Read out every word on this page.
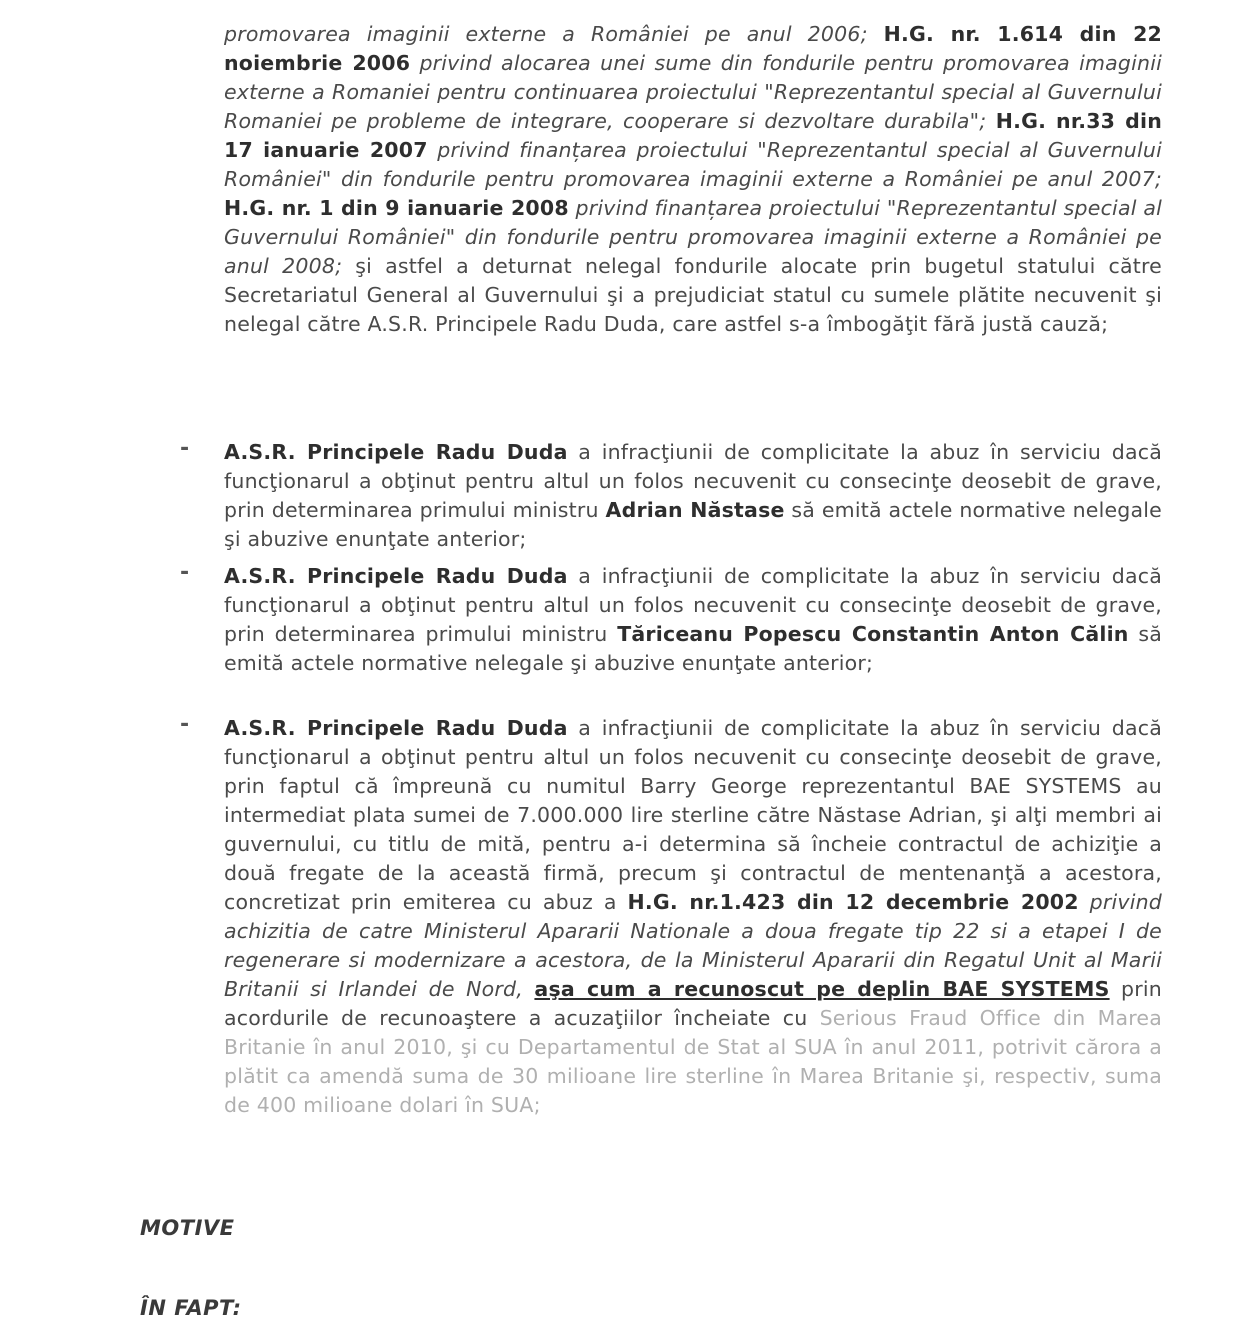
promovarea imaginii externe a României pe anul 2006; H.G. nr. 1.614 din 22 noiembrie 2006 privind alocarea unei sume din fondurile pentru promovarea imaginii externe a Romaniei pentru continuarea proiectului "Reprezentantul special al Guvernului Romaniei pe probleme de integrare, cooperare si dezvoltare durabila"; H.G. nr.33 din 17 ianuarie 2007 privind finanțarea proiectului "Reprezentantul special al Guvernului României" din fondurile pentru promovarea imaginii externe a României pe anul 2007; H.G. nr. 1 din 9 ianuarie 2008 privind finanțarea proiectului "Reprezentantul special al Guvernului României" din fondurile pentru promovarea imaginii externe a României pe anul 2008; şi astfel a deturnat nelegal fondurile alocate prin bugetul statului către Secretariatul General al Guvernului şi a prejudiciat statul cu sumele plătite necuvenit şi nelegal către A.S.R. Principele Radu Duda, care astfel s-a îmbogăţit fără justă cauză;

- A.S.R. Principele Radu Duda a infracţiunii de complicitate la abuz în serviciu dacă funcţionarul a obţinut pentru altul un folos necuvenit cu consecinţe deosebit de grave, prin determinarea primului ministru Adrian Năstase să emită actele normative nelegale şi abuzive enunţate anterior;

- A.S.R. Principele Radu Duda a infracţiunii de complicitate la abuz în serviciu dacă funcţionarul a obţinut pentru altul un folos necuvenit cu consecinţe deosebit de grave, prin determinarea primului ministru Tăriceanu Popescu Constantin Anton Călin să emită actele normative nelegale şi abuzive enunţate anterior;

- A.S.R. Principele Radu Duda a infracţiunii de complicitate la abuz în serviciu dacă funcţionarul a obţinut pentru altul un folos necuvenit cu consecinţe deosebit de grave, prin faptul că împreună cu numitul Barry George reprezentantul BAE SYSTEMS au intermediat plata sumei de 7.000.000 lire sterline către Năstase Adrian, şi alţi membri ai guvernului, cu titlu de mită, pentru a-i determina să încheie contractul de achiziţie a două fregate de la această firmă, precum şi contractul de mentenanţă a acestora, concretizat prin emiterea cu abuz a H.G. nr.1.423 din 12 decembrie 2002 privind achizitia de catre Ministerul Apararii Nationale a doua fregate tip 22 si a etapei I de regenerare si modernizare a acestora, de la Ministerul Apararii din Regatul Unit al Marii Britanii si Irlandei de Nord, aşa cum a recunoscut pe deplin BAE SYSTEMS prin acordurile de recunoaştere a acuzaţiilor încheiate cu Serious Fraud Office din Marea Britanie în anul 2010, şi cu Departamentul de Stat al SUA în anul 2011, potrivit cărora a plătit ca amendă suma de 30 milioane lire sterline în Marea Britanie şi, respectiv, suma de 400 milioane dolari în SUA;

MOTIVE
ÎN FAPT:
